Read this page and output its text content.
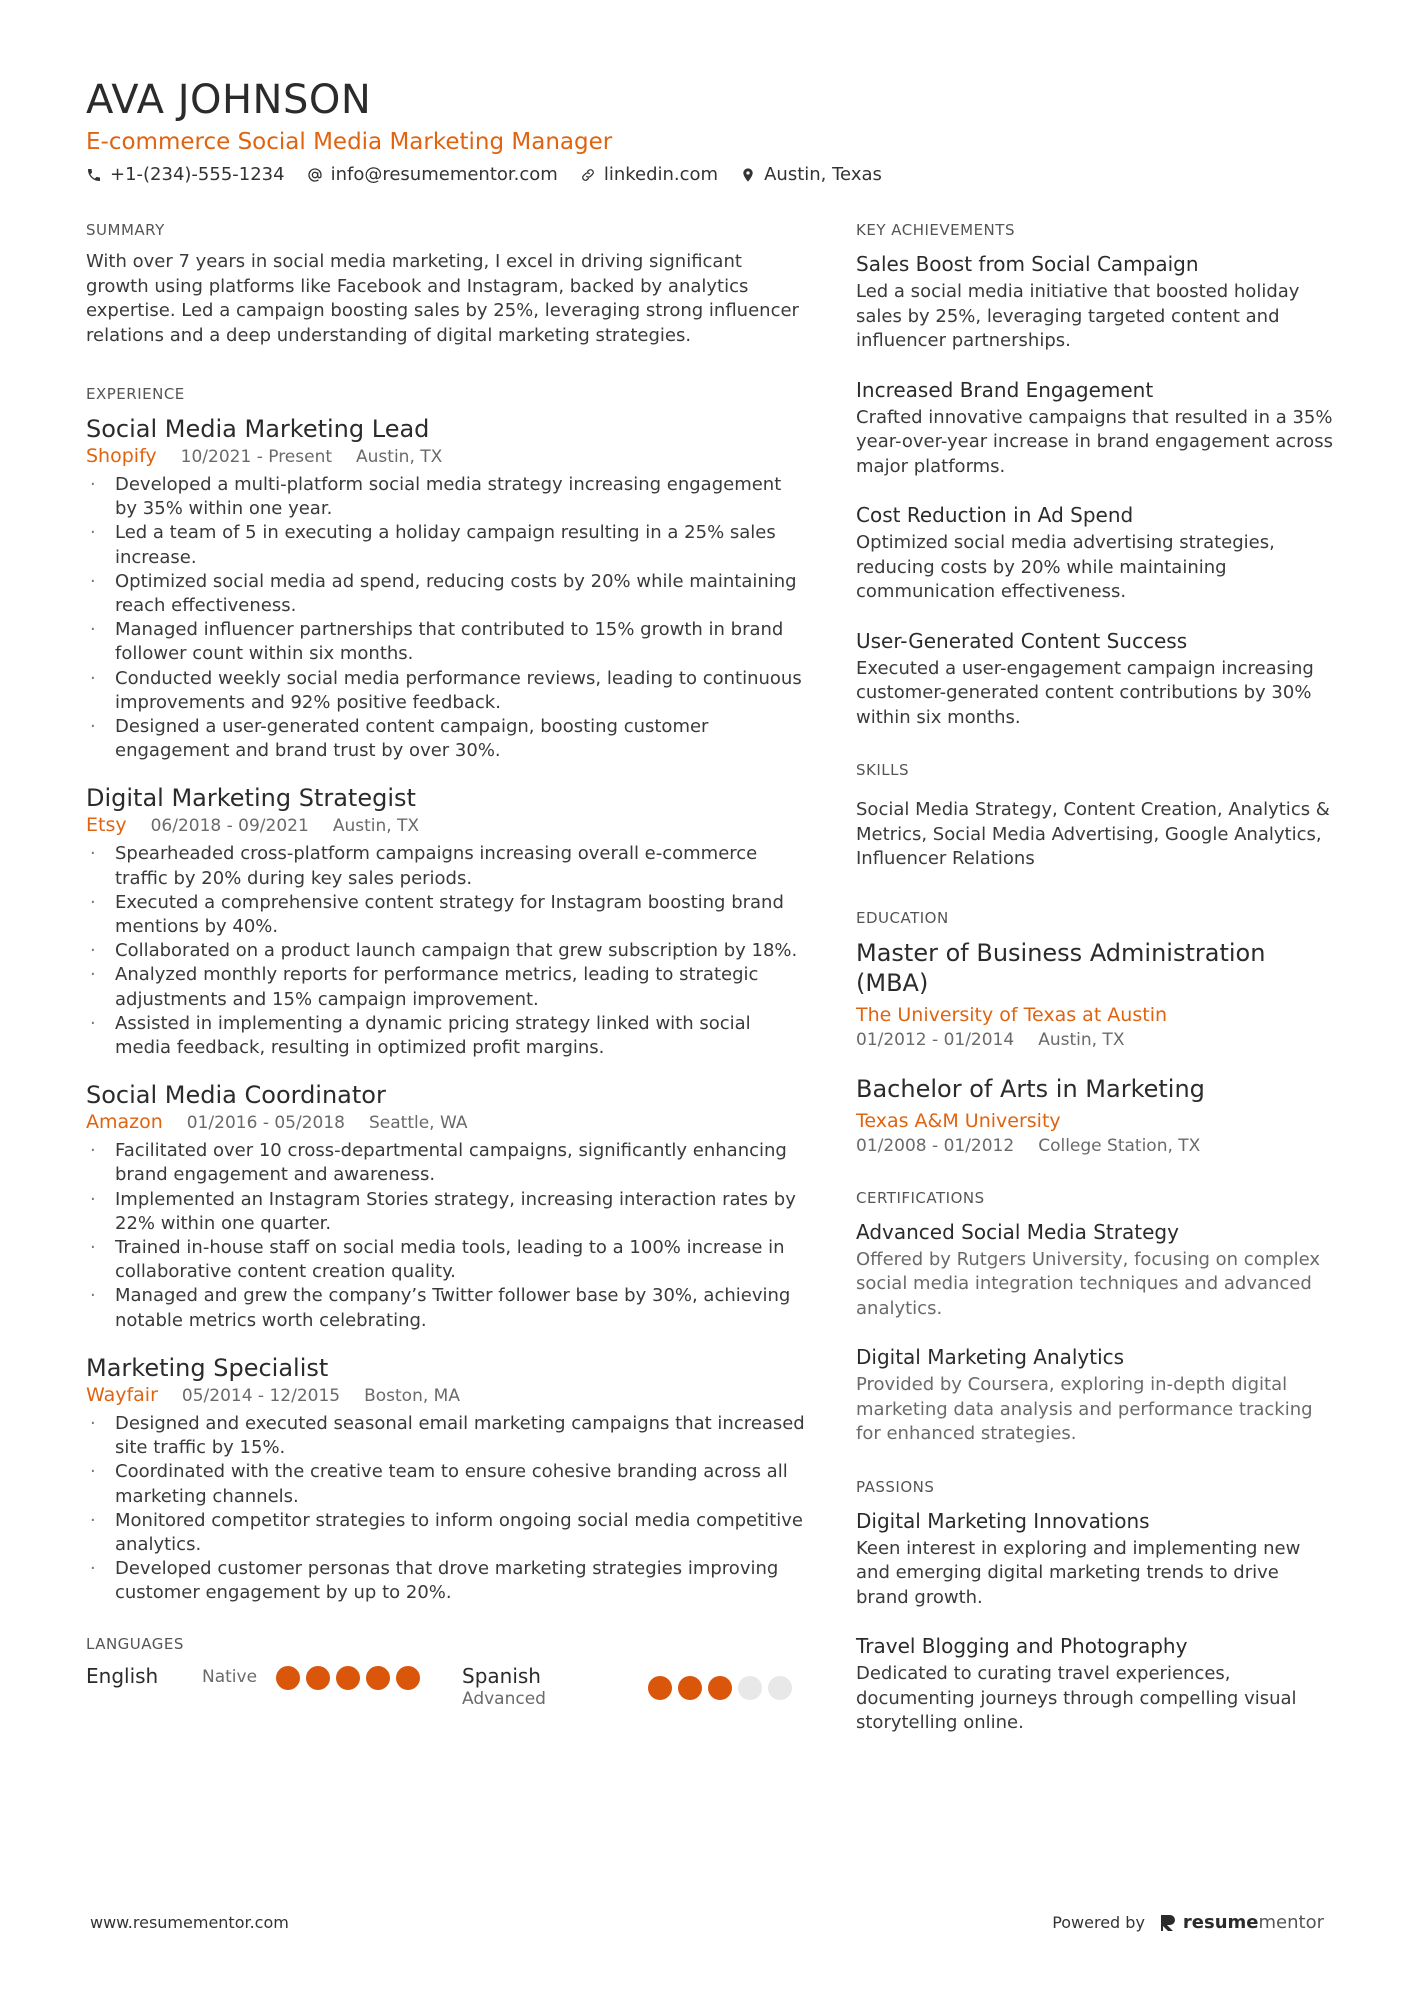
AVA JOHNSON
E-commerce Social Media Marketing Manager
+1-(234)-555-1234	info@resumementor.com	linkedin.com	Austin, Texas
SUMMARY
With over 7 years in social media marketing, I excel in driving significant growth using platforms like Facebook and Instagram, backed by analytics expertise. Led a campaign boosting sales by 25%, leveraging strong influencer relations and a deep understanding of digital marketing strategies.
EXPERIENCE
Social Media Marketing Lead
Shopify 10/2021 - Present Austin, TX
· Developed a multi-platform social media strategy increasing engagement by 35% within one year.
· Led a team of 5 in executing a holiday campaign resulting in a 25% sales increase.
· Optimized social media ad spend, reducing costs by 20% while maintaining reach effectiveness.
· Managed influencer partnerships that contributed to 15% growth in brand follower count within six months.
· Conducted weekly social media performance reviews, leading to continuous improvements and 92% positive feedback.
· Designed a user-generated content campaign, boosting customer engagement and brand trust by over 30%.
Digital Marketing Strategist
Etsy 06/2018 - 09/2021 Austin, TX
· Spearheaded cross-platform campaigns increasing overall e-commerce traffic by 20% during key sales periods.
· Executed a comprehensive content strategy for Instagram boosting brand mentions by 40%.
· Collaborated on a product launch campaign that grew subscription by 18%.
· Analyzed monthly reports for performance metrics, leading to strategic adjustments and 15% campaign improvement.
· Assisted in implementing a dynamic pricing strategy linked with social media feedback, resulting in optimized profit margins.
Social Media Coordinator
Amazon 01/2016 - 05/2018 Seattle, WA
· Facilitated over 10 cross-departmental campaigns, significantly enhancing brand engagement and awareness.
· Implemented an Instagram Stories strategy, increasing interaction rates by 22% within one quarter.
· Trained in-house staff on social media tools, leading to a 100% increase in collaborative content creation quality.
· Managed and grew the company’s Twitter follower base by 30%, achieving notable metrics worth celebrating.
Marketing Specialist
Wayfair 05/2014 - 12/2015 Boston, MA
· Designed and executed seasonal email marketing campaigns that increased site traffic by 15%.
· Coordinated with the creative team to ensure cohesive branding across all marketing channels.
· Monitored competitor strategies to inform ongoing social media competitive analytics.
· Developed customer personas that drove marketing strategies improving customer engagement by up to 20%.
LANGUAGES
English	Native	Spanish
Advanced
KEY ACHIEVEMENTS
Sales Boost from Social Campaign
Led a social media initiative that boosted holiday sales by 25%, leveraging targeted content and influencer partnerships.
Increased Brand Engagement
Crafted innovative campaigns that resulted in a 35% year-over-year increase in brand engagement across major platforms.
Cost Reduction in Ad Spend
Optimized social media advertising strategies, reducing costs by 20% while maintaining communication effectiveness.
User-Generated Content Success
Executed a user-engagement campaign increasing customer-generated content contributions by 30% within six months.
SKILLS
Social Media Strategy, Content Creation, Analytics & Metrics, Social Media Advertising, Google Analytics, Influencer Relations
EDUCATION
Master of Business Administration (MBA)
The University of Texas at Austin
01/2012 - 01/2014 Austin, TX
Bachelor of Arts in Marketing
Texas A&M University
01/2008 - 01/2012 College Station, TX
CERTIFICATIONS
Advanced Social Media Strategy
Offered by Rutgers University, focusing on complex social media integration techniques and advanced analytics.
Digital Marketing Analytics
Provided by Coursera, exploring in-depth digital marketing data analysis and performance tracking for enhanced strategies.
PASSIONS
Digital Marketing Innovations
Keen interest in exploring and implementing new and emerging digital marketing trends to drive brand growth.
Travel Blogging and Photography
Dedicated to curating travel experiences, documenting journeys through compelling visual storytelling online.
www.resumementor.com	Powered by resumementor
